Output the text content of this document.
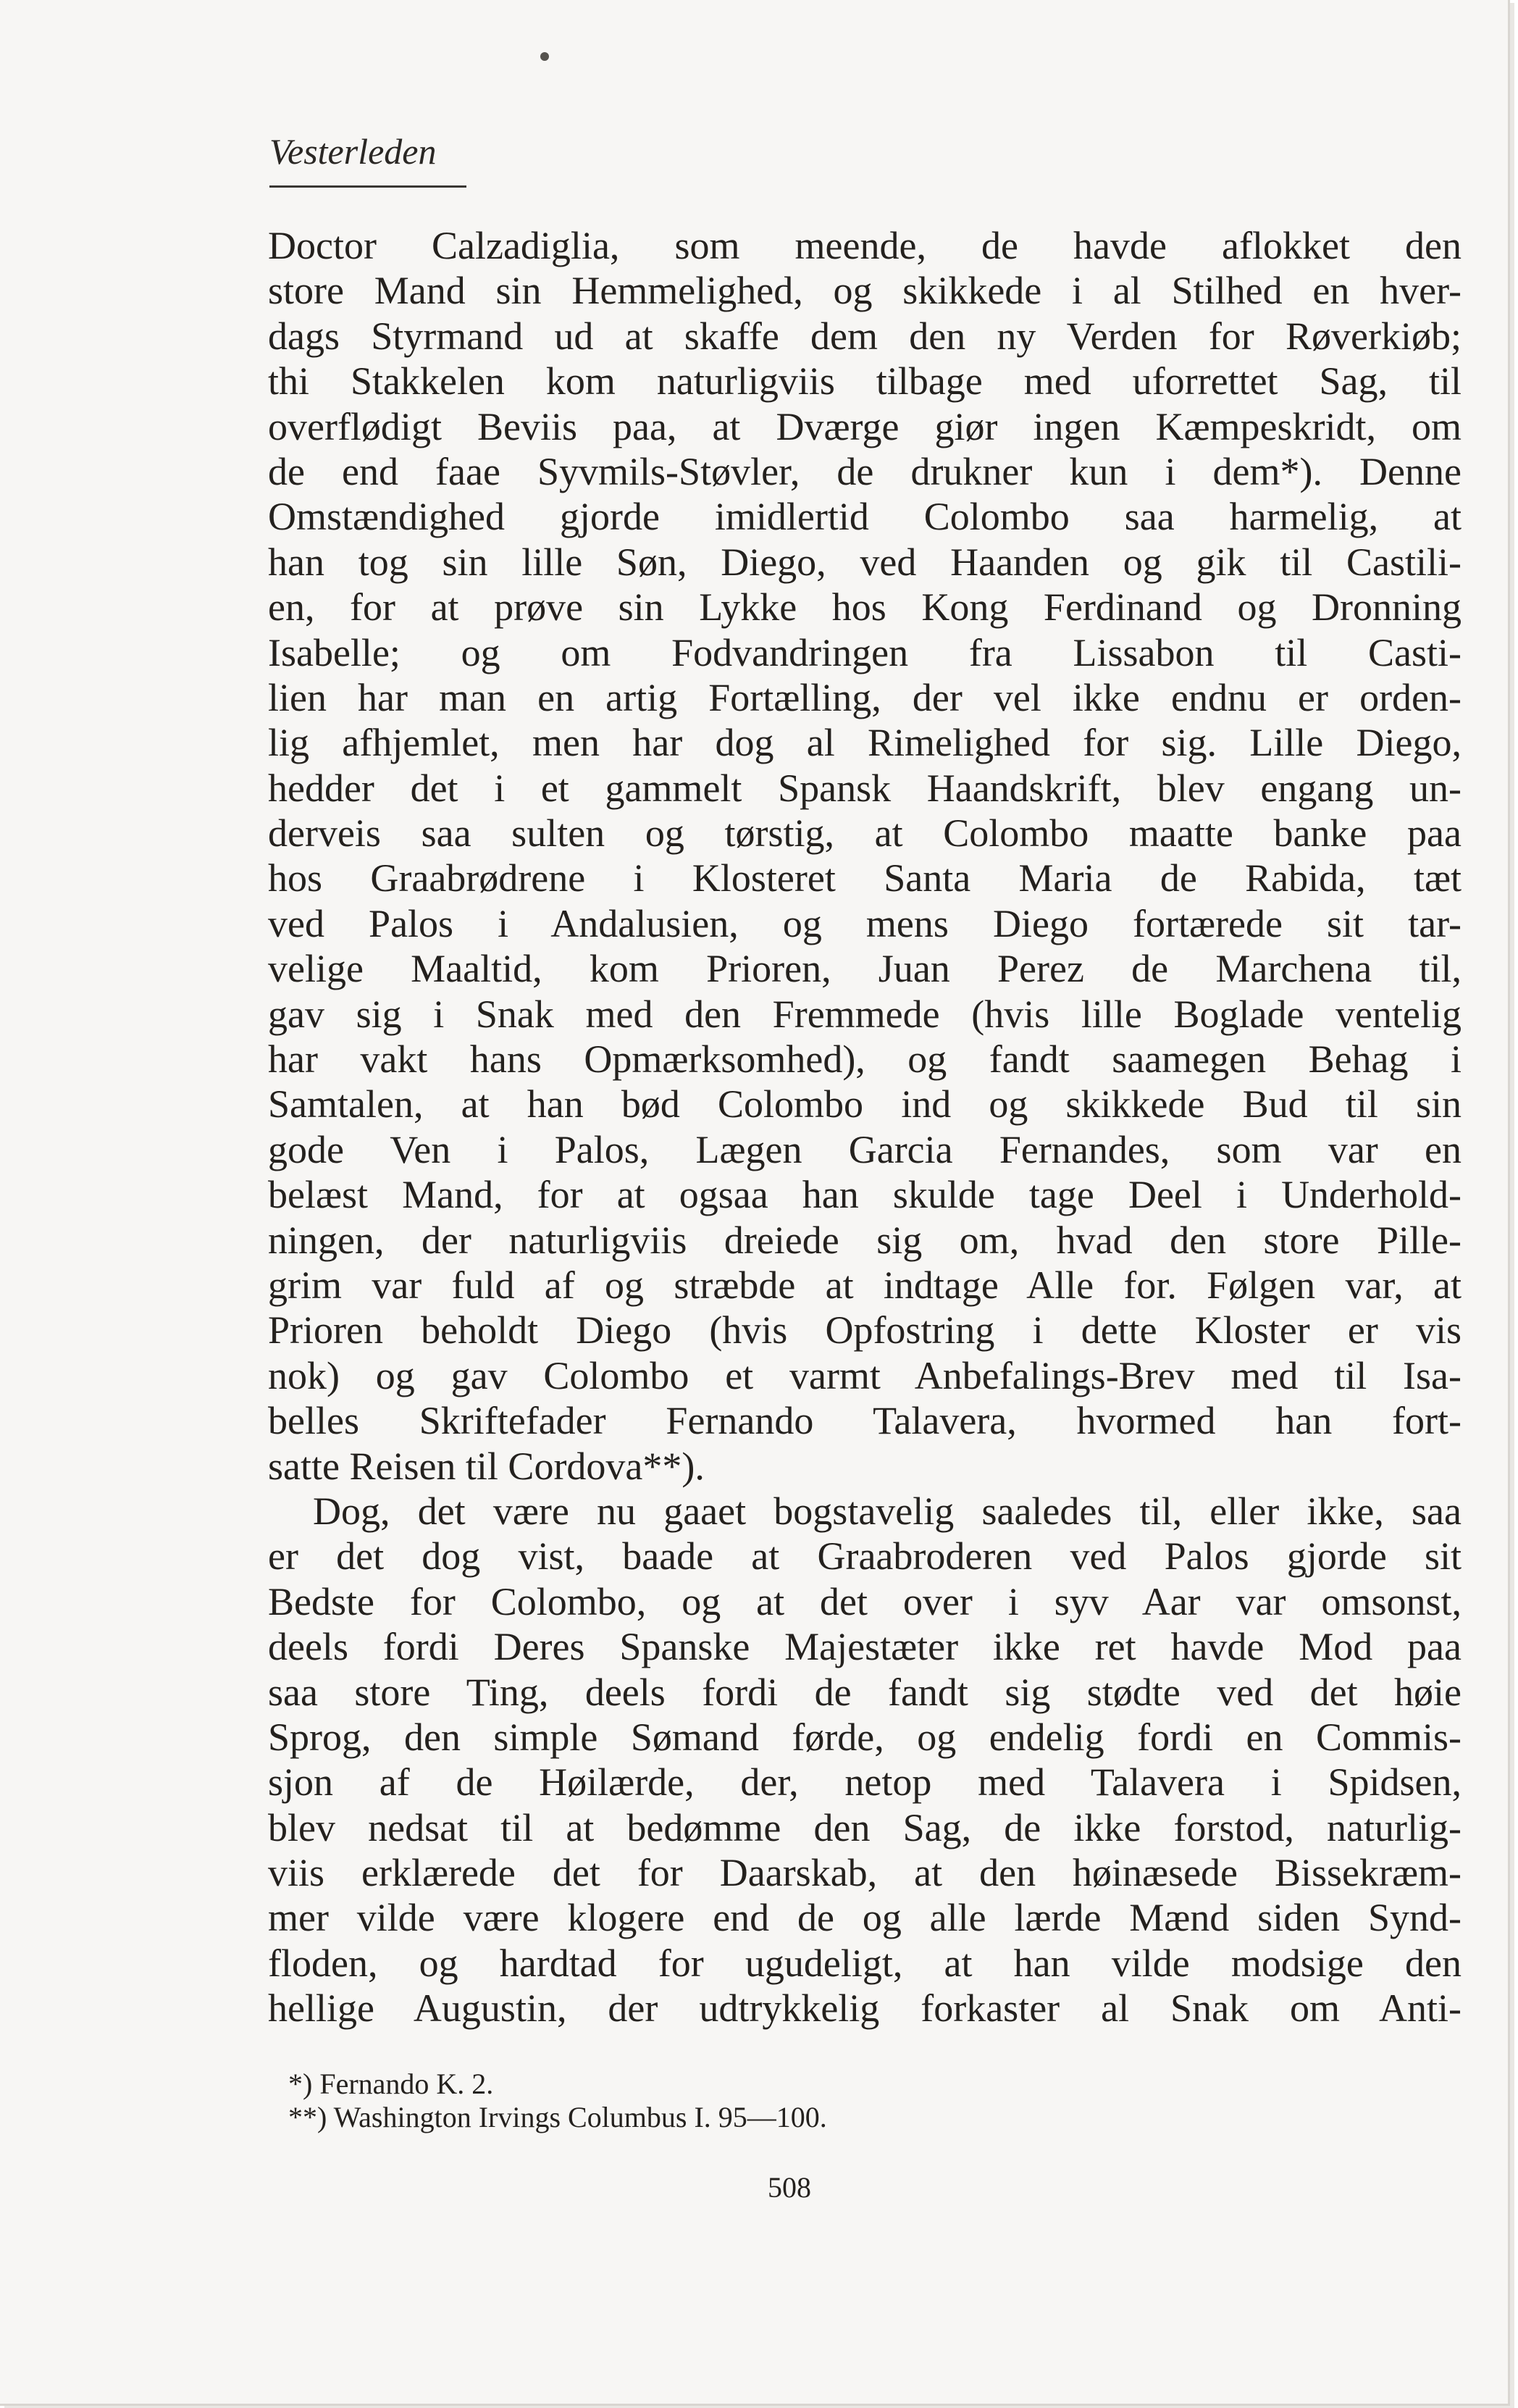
Vesterleden

Doctor Calzadiglia, som meende, de havde aflokket den
store Mand sin Hemmelighed, og skikkede i al Stilhed en hver-
dags Styrmand ud at skaffe dem den ny Verden for Røverkiøb;
thi Stakkelen kom naturligviis tilbage med uforrettet Sag, til
overflødigt Beviis paa, at Dværge giør ingen Kæmpeskridt, om
de end faae Syvmils-Støvler, de drukner kun i dem*). Denne
Omstændighed gjorde imidlertid Colombo saa harmelig, at
han tog sin lille Søn, Diego, ved Haanden og gik til Castili-
en, for at prøve sin Lykke hos Kong Ferdinand og Dronning
Isabelle; og om Fodvandringen fra Lissabon til Casti-
lien har man en artig Fortælling, der vel ikke endnu er orden-
lig afhjemlet, men har dog al Rimelighed for sig. Lille Diego,
hedder det i et gammelt Spansk Haandskrift, blev engang un-
derveis saa sulten og tørstig, at Colombo maatte banke paa
hos Graabrødrene i Klosteret Santa Maria de Rabida, tæt
ved Palos i Andalusien, og mens Diego fortærede sit tar-
velige Maaltid, kom Prioren, Juan Perez de Marchena til,
gav sig i Snak med den Fremmede (hvis lille Boglade ventelig
har vakt hans Opmærksomhed), og fandt saamegen Behag i
Samtalen, at han bød Colombo ind og skikkede Bud til sin
gode Ven i Palos, Lægen Garcia Fernandes, som var en
belæst Mand, for at ogsaa han skulde tage Deel i Underhold-
ningen, der naturligviis dreiede sig om, hvad den store Pille-
grim var fuld af og stræbde at indtage Alle for. Følgen var, at
Prioren beholdt Diego (hvis Opfostring i dette Kloster er vis
nok) og gav Colombo et varmt Anbefalings-Brev med til Isa-
belles Skriftefader Fernando Talavera, hvormed han fort-
satte Reisen til Cordova**).

Dog, det være nu gaaet bogstavelig saaledes til, eller ikke, saa
er det dog vist, baade at Graabroderen ved Palos gjorde sit
Bedste for Colombo, og at det over i syv Aar var omsonst,
deels fordi Deres Spanske Majestæter ikke ret havde Mod paa
saa store Ting, deels fordi de fandt sig stødte ved det høie
Sprog, den simple Sømand førde, og endelig fordi en Commis-
sjon af de Høilærde, der, netop med Talavera i Spidsen,
blev nedsat til at bedømme den Sag, de ikke forstod, naturlig-
viis erklærede det for Daarskab, at den høinæsede Bissekræm-
mer vilde være klogere end de og alle lærde Mænd siden Synd-
floden, og hardtad for ugudeligt, at han vilde modsige den
hellige Augustin, der udtrykkelig forkaster al Snak om Anti-

*) Fernando K. 2.
**) Washington Irvings Columbus I. 95—100.
508
